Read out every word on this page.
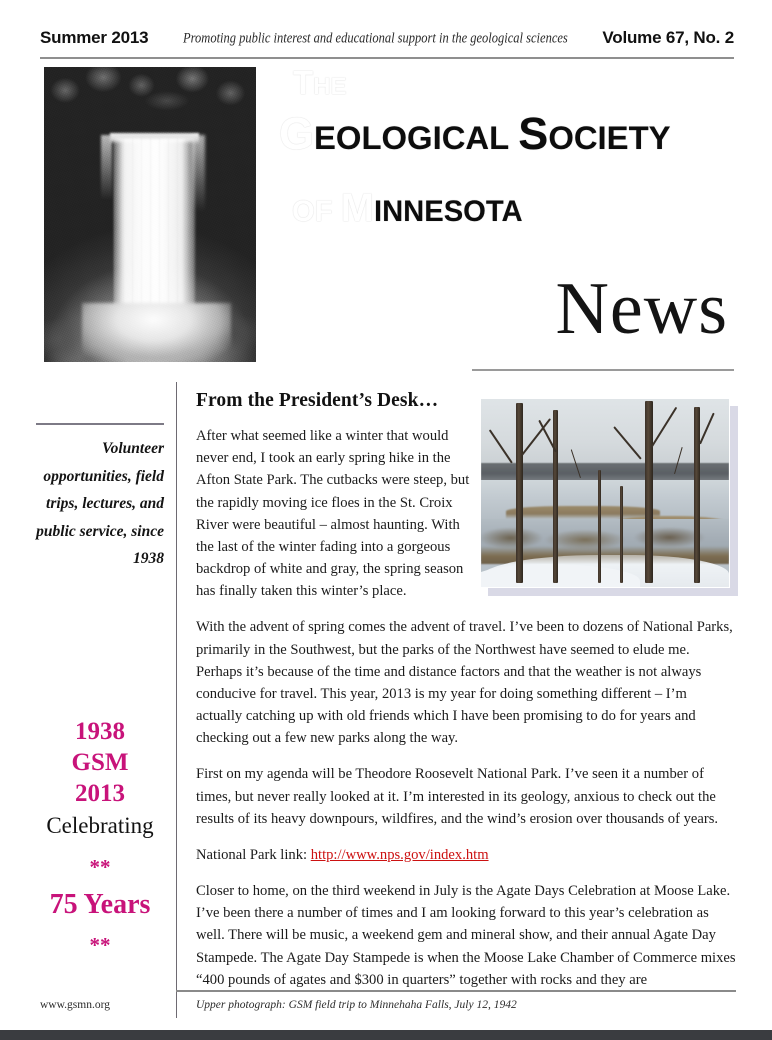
Summer 2013	Promoting public interest and educational support in the geological sciences Volume 67, No. 2
THE
GEOLOGICAL SOCIETY
OF MINNESOTA
News
Volunteer opportunities, field trips, lectures, and public service, since 1938
1938
GSM
2013
Celebrating
**
75 Years
**
From the President’s Desk…

After what seemed like a winter that would never end, I took an early spring hike in the Afton State Park. The cutbacks were steep, but the rapidly moving ice floes in the St. Croix River were beautiful – almost haunting. With the last of the winter fading into a gorgeous backdrop of white and gray, the spring season has finally taken this winter’s place.

With the advent of spring comes the advent of travel. I’ve been to dozens of National Parks, primarily in the Southwest, but the parks of the Northwest have seemed to elude me. Perhaps it’s because of the time and distance factors and that the weather is not always conducive for travel. This year, 2013 is my year for doing something different – I’m actually catching up with old friends which I have been promising to do for years and checking out a few new parks along the way.

First on my agenda will be Theodore Roosevelt National Park. I’ve seen it a number of times, but never really looked at it. I’m interested in its geology, anxious to check out the results of its heavy downpours, wildfires, and the wind’s erosion over thousands of years.

National Park link: http://www.nps.gov/index.htm

Closer to home, on the third weekend in July is the Agate Days Celebration at Moose Lake. I’ve been there a number of times and I am looking forward to this year’s celebration as well. There will be music, a weekend gem and mineral show, and their annual Agate Day Stampede. The Agate Day Stampede is when the Moose Lake Chamber of Commerce mixes “400 pounds of agates and $300 in quarters” together with rocks and they are

www.gsmn.org	Upper photograph: GSM field trip to Minnehaha Falls, July 12, 1942
